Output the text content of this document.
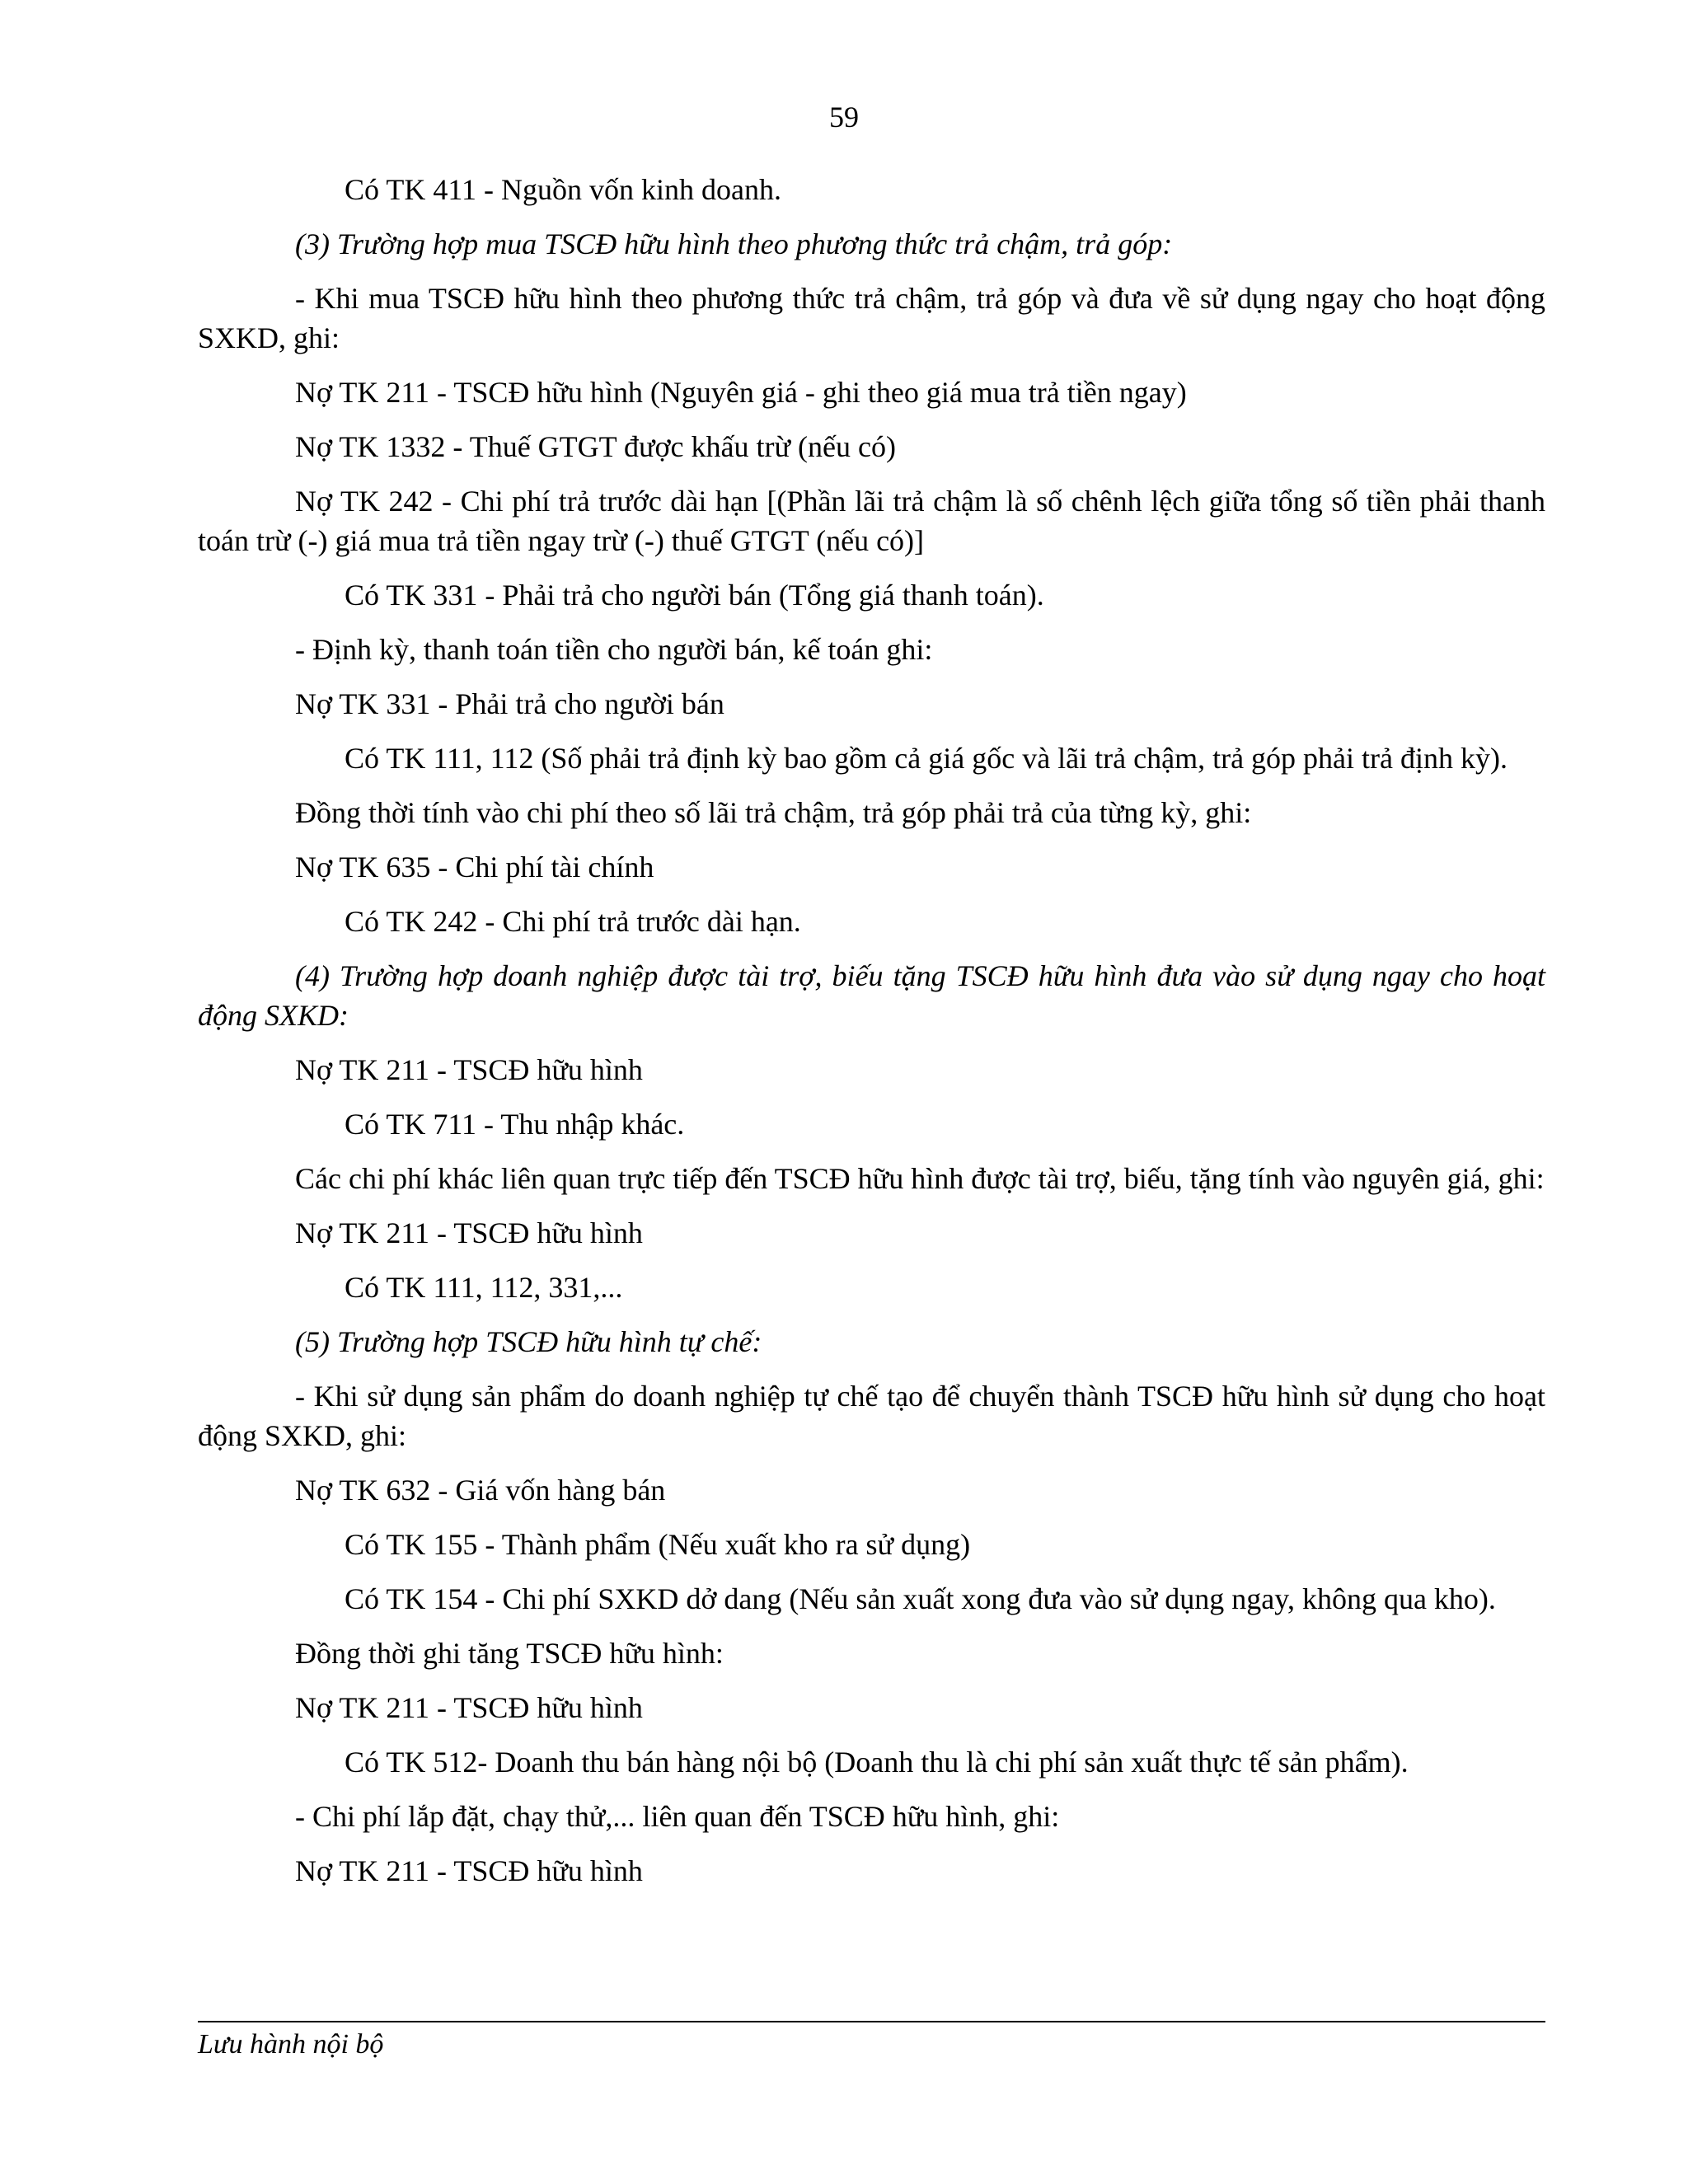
59

Có TK 411 - Nguồn vốn kinh doanh.

(3) Trường hợp mua TSCĐ hữu hình theo phương thức trả chậm, trả góp:

- Khi mua TSCĐ hữu hình theo phương thức trả chậm, trả góp và đưa về sử dụng ngay cho hoạt động SXKD, ghi:

Nợ TK 211 - TSCĐ hữu hình (Nguyên giá - ghi theo giá mua trả tiền ngay)

Nợ TK 1332 - Thuế GTGT được khấu trừ (nếu có)

Nợ TK 242 - Chi phí trả trước dài hạn [(Phần lãi trả chậm là số chênh lệch giữa tổng số tiền phải thanh toán trừ (-) giá mua trả tiền ngay trừ (-) thuế GTGT (nếu có)]

Có TK 331 - Phải trả cho người bán (Tổng giá thanh toán).

- Định kỳ, thanh toán tiền cho người bán, kế toán ghi:

Nợ TK 331 - Phải trả cho người bán

Có TK 111, 112 (Số phải trả định kỳ bao gồm cả giá gốc và lãi trả chậm, trả góp phải trả định kỳ).

Đồng thời tính vào chi phí theo số lãi trả chậm, trả góp phải trả của từng kỳ, ghi:

Nợ TK 635 - Chi phí tài chính

Có TK 242 - Chi phí trả trước dài hạn.

(4) Trường hợp doanh nghiệp được tài trợ, biếu tặng TSCĐ hữu hình đưa vào sử dụng ngay cho hoạt động SXKD:

Nợ TK 211 - TSCĐ hữu hình

Có TK 711 - Thu nhập khác.

Các chi phí khác liên quan trực tiếp đến TSCĐ hữu hình được tài trợ, biếu, tặng tính vào nguyên giá, ghi:

Nợ TK 211 - TSCĐ hữu hình

Có TK 111, 112, 331,...

(5) Trường hợp TSCĐ hữu hình tự chế:

- Khi sử dụng sản phẩm do doanh nghiệp tự chế tạo để chuyển thành TSCĐ hữu hình sử dụng cho hoạt động SXKD, ghi:

Nợ TK 632 - Giá vốn hàng bán

Có TK 155 - Thành phẩm (Nếu xuất kho ra sử dụng)

Có TK 154 - Chi phí SXKD dở dang (Nếu sản xuất xong đưa vào sử dụng ngay, không qua kho).

Đồng thời ghi tăng TSCĐ hữu hình:

Nợ TK 211 - TSCĐ hữu hình

Có TK 512- Doanh thu bán hàng nội bộ (Doanh thu là chi phí sản xuất thực tế sản phẩm).

- Chi phí lắp đặt, chạy thử,... liên quan đến TSCĐ hữu hình, ghi:

Nợ TK 211 - TSCĐ hữu hình

Lưu hành nội bộ
